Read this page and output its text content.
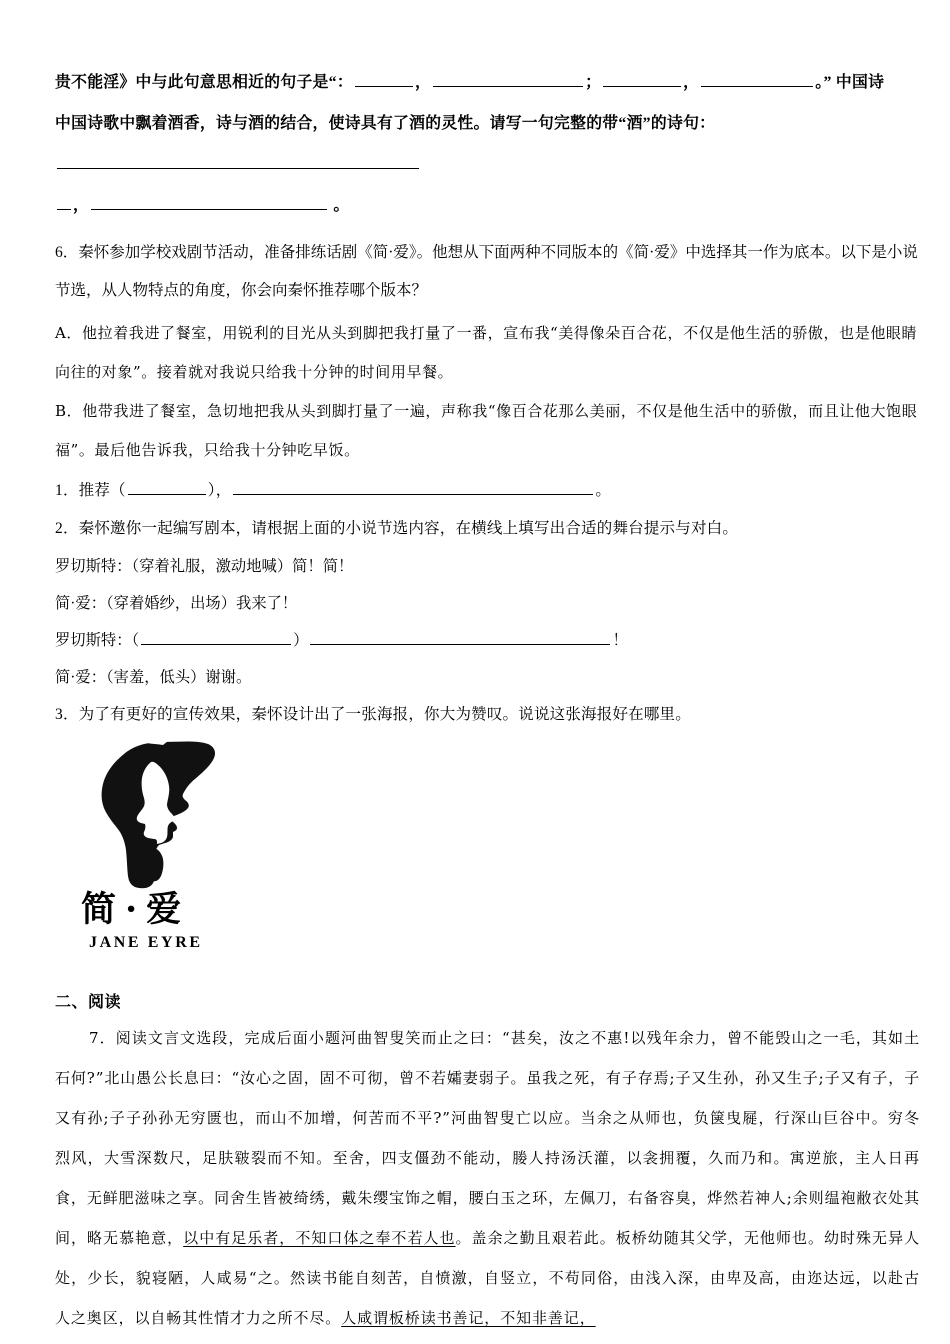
贵不能淫》中与此句意思相近的句子是“：	，	；	，	。” 中国诗
中国诗歌中飘着酒香，诗与酒的结合，使诗具有了酒的灵性。请写一句完整的带“酒”的诗句：
，	。
6．秦怀参加学校戏剧节活动，准备排练话剧《简·爱》。他想从下面两种不同版本的《简·爱》中选择其一作为底本。以下是小说节选，从人物特点的角度，你会向秦怀推荐哪个版本？
A．他拉着我进了餐室，用锐利的目光从头到脚把我打量了一番，宣布我“美得像朵百合花，不仅是他生活的骄傲，也是他眼睛向往的对象”。接着就对我说只给我十分钟的时间用早餐。
B．他带我进了餐室，急切地把我从头到脚打量了一遍，声称我“像百合花那么美丽，不仅是他生活中的骄傲，而且让他大饱眼福”。最后他告诉我，只给我十分钟吃早饭。
1．推荐（	），	。
2．秦怀邀你一起编写剧本，请根据上面的小说节选内容，在横线上填写出合适的舞台提示与对白。
罗切斯特：（穿着礼服，激动地喊）简！简！
简·爱：（穿着婚纱，出场）我来了！
罗切斯特：（	）	！
简·爱：（害羞，低头）谢谢。
3．为了有更好的宣传效果，秦怀设计出了一张海报，你大为赞叹。说说这张海报好在哪里。
简·爱
JANE EYRE
二、阅读
7．阅读文言文选段，完成后面小题河曲智叟笑而止之曰：“甚矣，汝之不惠!以残年余力，曾不能毁山之一毛，其如土石何?”北山愚公长息曰：“汝心之固，固不可彻，曾不若孀妻弱子。虽我之死，有子存焉;子又生孙，孙又生子;子又有子，子又有孙;子子孙孙无穷匮也，而山不加增，何苦而不平?”河曲智叟亡以应。当余之从师也，负箧曳屣，行深山巨谷中。穷冬烈风，大雪深数尺，足肤皲裂而不知。至舍，四支僵劲不能动，媵人持汤沃灌，以衾拥覆，久而乃和。寓逆旅，主人日再食，无鲜肥滋味之享。同舍生皆被绮绣，戴朱缨宝饰之帽，腰白玉之环，左佩刀，右备容臭，烨然若神人;余则缊袍敝衣处其间，略无慕艳意，以中有足乐者，不知口体之奉不若人也。盖余之勤且艰若此。板桥幼随其父学，无他师也。幼时殊无异人处，少长，貌寝陋，人咸易“之。然读书能自刻苦，自愤激，自竖立，不苟同俗，由浅入深，由卑及高，由迩达远，以赴古人之奥区，以自畅其性情才力之所不尽。人咸谓板桥读书善记，不知非善记，
